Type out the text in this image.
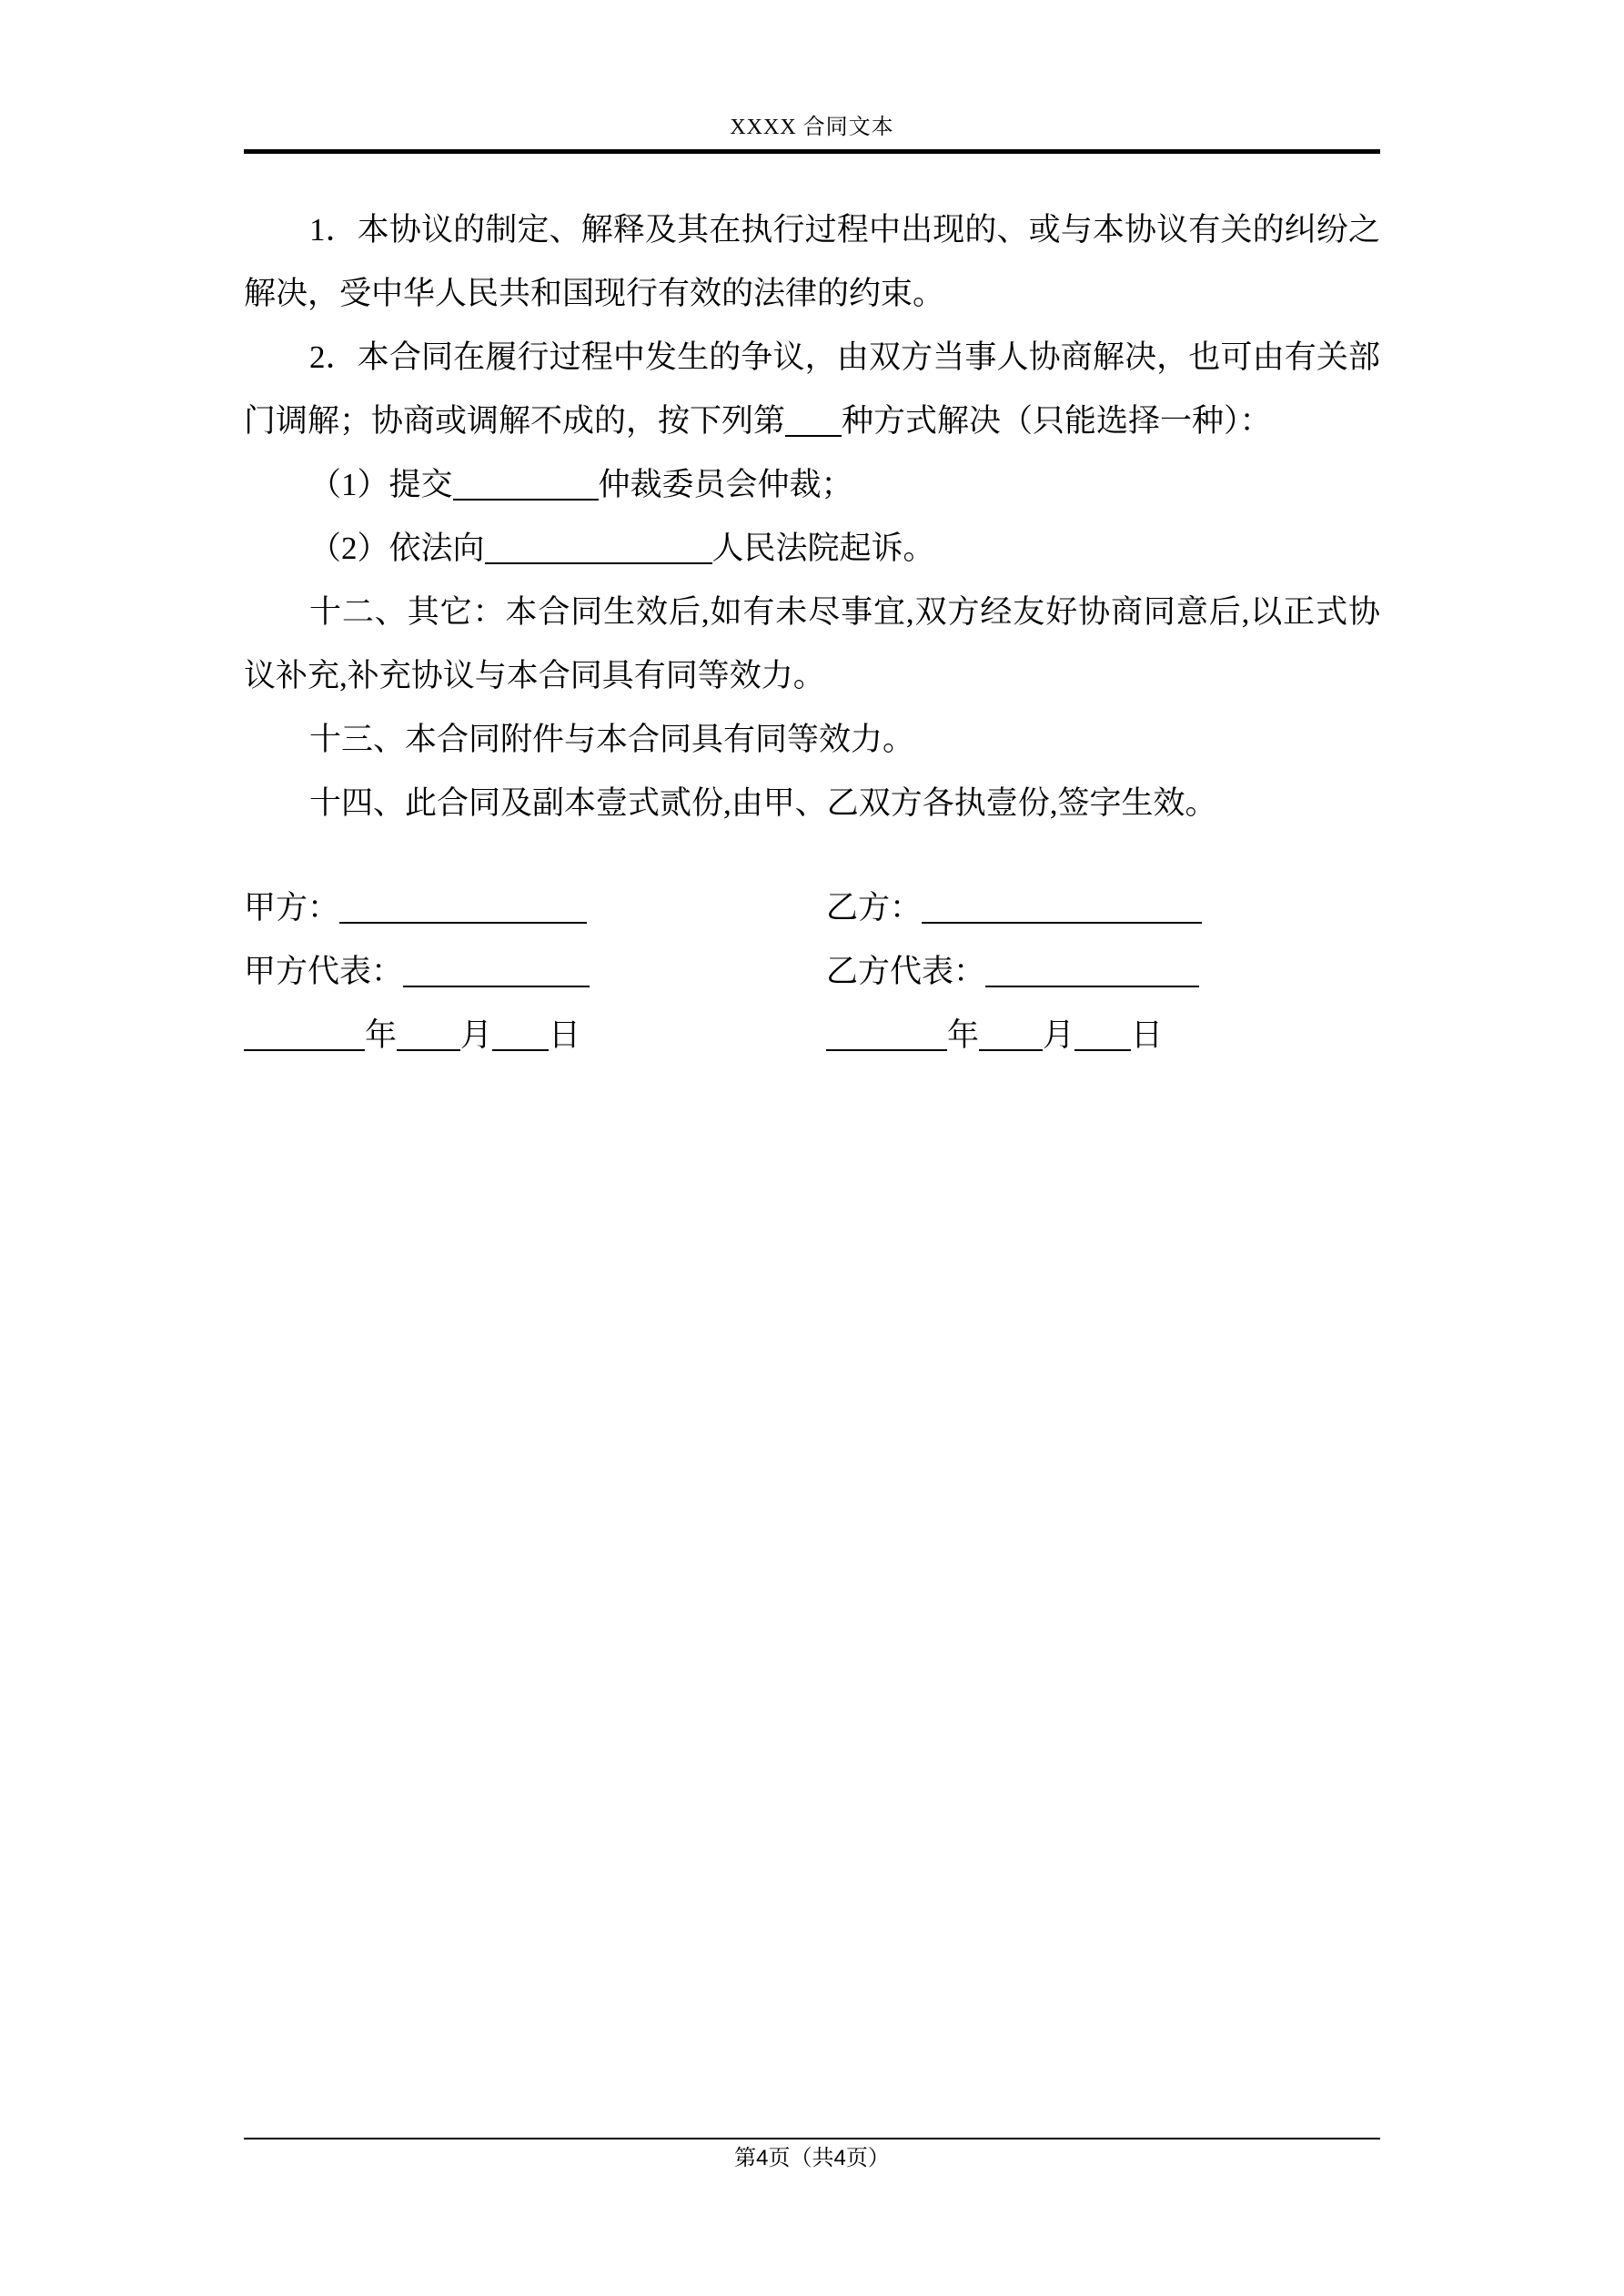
XXXX 合同文本

1．本协议的制定、解释及其在执行过程中出现的、或与本协议有关的纠纷之解决，受中华人民共和国现行有效的法律的约束。

2．本合同在履行过程中发生的争议，由双方当事人协商解决，也可由有关部门调解；协商或调解不成的，按下列第 种方式解决（只能选择一种）：

（1）提交	仲裁委员会仲裁；

（2）依法向	人民法院起诉。

十二、其它：本合同生效后,如有未尽事宜,双方经友好协商同意后,以正式协议补充,补充协议与本合同具有同等效力。

十三、本合同附件与本合同具有同等效力。

十四、此合同及副本壹式贰份,由甲、乙双方各执壹份,签字生效。

甲方：	乙方：
甲方代表：	乙方代表：
年 月 日	年 月 日
第4页（共4页）
